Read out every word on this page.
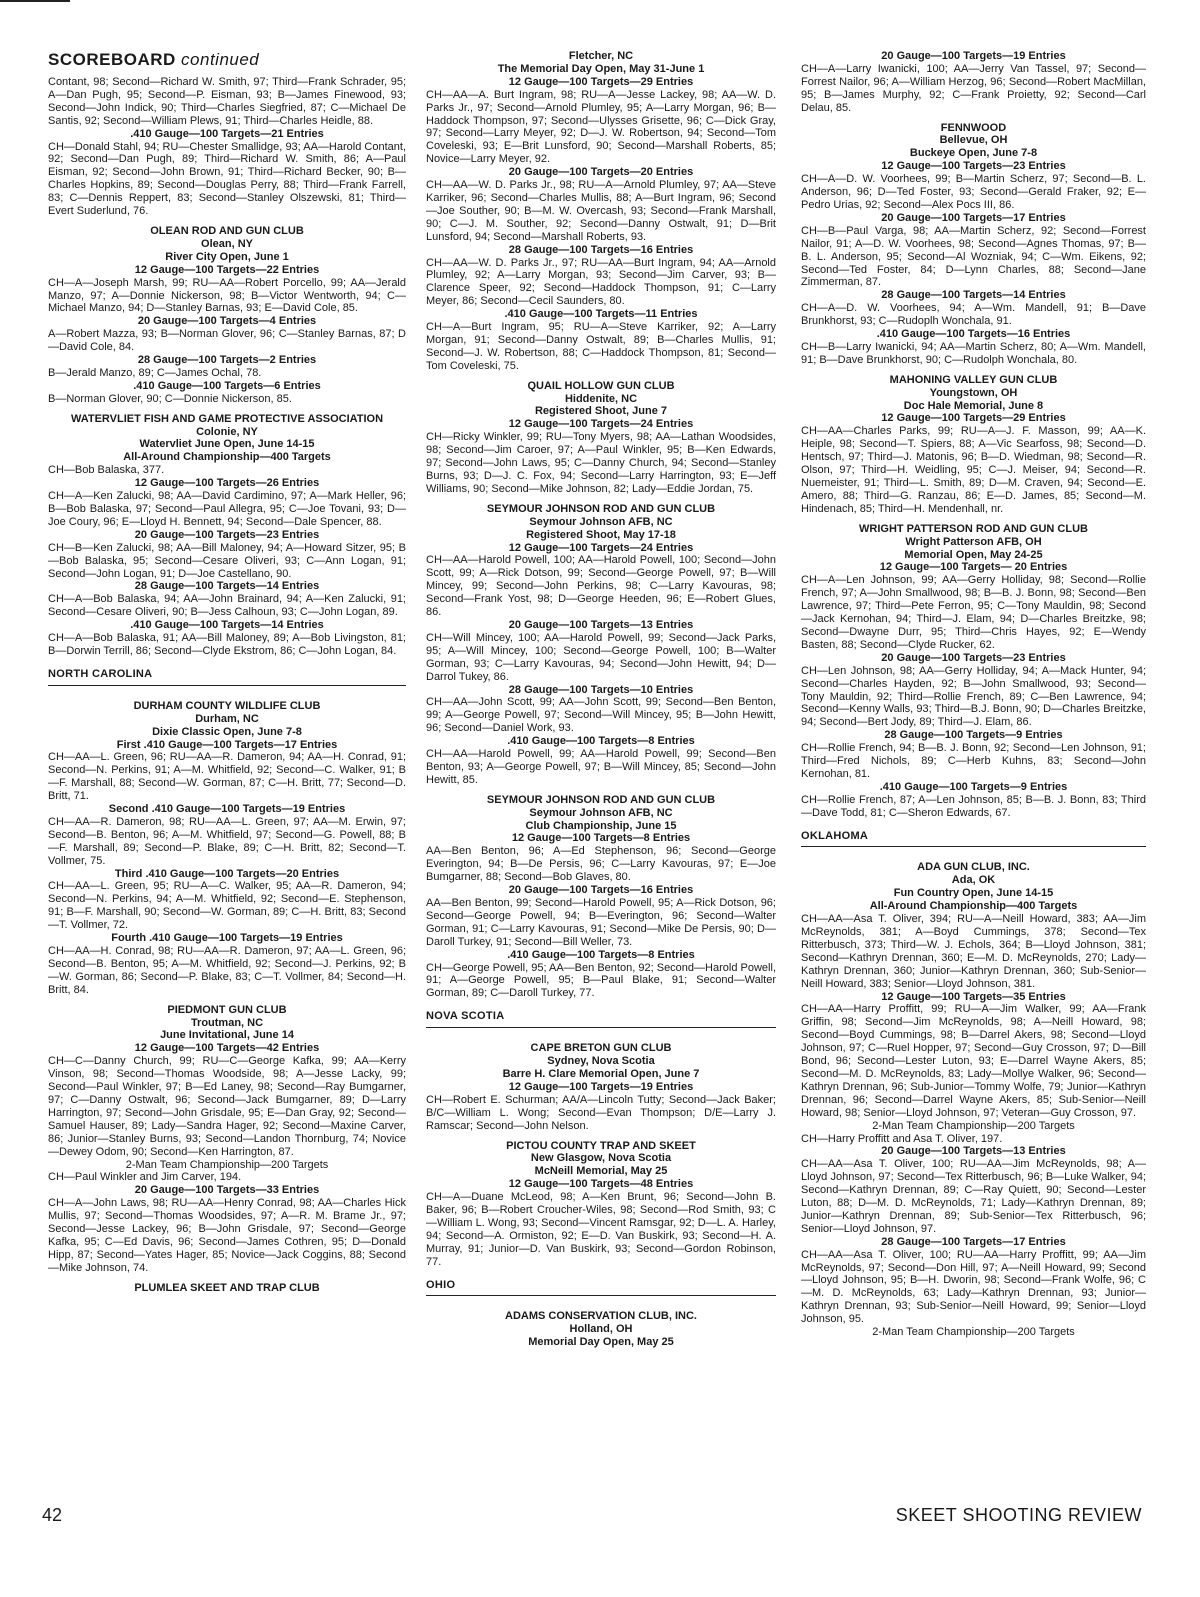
SCOREBOARD continued
Contant, 98; Second—Richard W. Smith, 97; Third—Frank Schrader, 95; A—Dan Pugh, 95; Second—P. Eisman, 93; B—James Finewood, 93; Second—John Indick, 90; Third—Charles Siegfried, 87; C—Michael De Santis, 92; Second—William Plews, 91; Third—Charles Heidle, 88.
.410 Gauge—100 Targets—21 Entries
CH—Donald Stahl, 94; RU—Chester Smallidge, 93; AA—Harold Contant, 92; Second—Dan Pugh, 89; Third—Richard W. Smith, 86; A—Paul Eisman, 92; Second—John Brown, 91; Third—Richard Becker, 90; B—Charles Hopkins, 89; Second—Douglas Perry, 88; Third—Frank Farrell, 83; C—Dennis Reppert, 83; Second—Stanley Olszewski, 81; Third—Evert Suderlund, 76.
OLEAN ROD AND GUN CLUB
Olean, NY
River City Open, June 1
12 Gauge—100 Targets—22 Entries
CH—A—Joseph Marsh, 99; RU—AA—Robert Porcello, 99; AA—Jerald Manzo, 97; A—Donnie Nickerson, 98; B—Victor Wentworth, 94; C—Michael Manzo, 94; D—Stanley Barnas, 93; E—David Cole, 85.
20 Gauge—100 Targets—4 Entries
A—Robert Mazza, 93; B—Norman Glover, 96; C—Stanley Barnas, 87; D—David Cole, 84.
28 Gauge—100 Targets—2 Entries
B—Jerald Manzo, 89; C—James Ochal, 78.
.410 Gauge—100 Targets—6 Entries
B—Norman Glover, 90; C—Donnie Nickerson, 85.
WATERVLIET FISH AND GAME PROTECTIVE ASSOCIATION
Colonie, NY
Watervliet June Open, June 14-15
All-Around Championship—400 Targets
CH—Bob Balaska, 377.
12 Gauge—100 Targets—26 Entries
CH—A—Ken Zalucki, 98; AA—David Cardimino, 97; A—Mark Heller, 96; B—Bob Balaska, 97; Second—Paul Allegra, 95; C—Joe Tovani, 93; D—Joe Coury, 96; E—Lloyd H. Bennett, 94; Second—Dale Spencer, 88.
20 Gauge—100 Targets—23 Entries
CH—B—Ken Zalucki, 98; AA—Bill Maloney, 94; A—Howard Sitzer, 95; B—Bob Balaska, 95; Second—Cesare Oliveri, 93; C—Ann Logan, 91; Second—John Logan, 91; D—Joe Castellano, 90.
28 Gauge—100 Targets—14 Entries
CH—A—Bob Balaska, 94; AA—John Brainard, 94; A—Ken Zalucki, 91; Second—Cesare Oliveri, 90; B—Jess Calhoun, 93; C—John Logan, 89.
.410 Gauge—100 Targets—14 Entries
CH—A—Bob Balaska, 91; AA—Bill Maloney, 89; A—Bob Livingston, 81; B—Dorwin Terrill, 86; Second—Clyde Ekstrom, 86; C—John Logan, 84.
NORTH CAROLINA
DURHAM COUNTY WILDLIFE CLUB
Durham, NC
Dixie Classic Open, June 7-8
First .410 Gauge—100 Targets—17 Entries
CH—AA—L. Green, 96; RU—AA—R. Dameron, 94; AA—H. Conrad, 91; Second—N. Perkins, 91; A—M. Whitfield, 92; Second—C. Walker, 91; B—F. Marshall, 88; Second—W. Gorman, 87; C—H. Britt, 77; Second—D. Britt, 71.
Second .410 Gauge—100 Targets—19 Entries
CH—AA—R. Dameron, 98; RU—AA—L. Green, 97; AA—M. Erwin, 97; Second—B. Benton, 96; A—M. Whitfield, 97; Second—G. Powell, 88; B—F. Marshall, 89; Second—P. Blake, 89; C—H. Britt, 82; Second—T. Vollmer, 75.
Third .410 Gauge—100 Targets—20 Entries
CH—AA—L. Green, 95; RU—A—C. Walker, 95; AA—R. Dameron, 94; Second—N. Perkins, 94; A—M. Whitfield, 92; Second—E. Stephenson, 91; B—F. Marshall, 90; Second—W. Gorman, 89; C—H. Britt, 83; Second—T. Vollmer, 72.
Fourth .410 Gauge—100 Targets—19 Entries
CH—AA—H. Conrad, 98; RU—AA—R. Dameron, 97; AA—L. Green, 96; Second—B. Benton, 95; A—M. Whitfield, 92; Second—J. Perkins, 92; B—W. Gorman, 86; Second—P. Blake, 83; C—T. Vollmer, 84; Second—H. Britt, 84.
PIEDMONT GUN CLUB
Troutman, NC
June Invitational, June 14
12 Gauge—100 Targets—42 Entries
CH—C—Danny Church, 99; RU—C—George Kafka, 99; AA—Kerry Vinson, 98; Second—Thomas Woodside, 98; A—Jesse Lacky, 99; Second—Paul Winkler, 97; B—Ed Laney, 98; Second—Ray Bumgarner, 97; C—Danny Ostwalt, 96; Second—Jack Bumgarner, 89; D—Larry Harrington, 97; Second—John Grisdale, 95; E—Dan Gray, 92; Second—Samuel Hauser, 89; Lady—Sandra Hager, 92; Second—Maxine Carver, 86; Junior—Stanley Burns, 93; Second—Landon Thornburg, 74; Novice—Dewey Odom, 90; Second—Ken Harrington, 87.
2-Man Team Championship—200 Targets
CH—Paul Winkler and Jim Carver, 194.
20 Gauge—100 Targets—33 Entries
CH—A—John Laws, 98; RU—AA—Henry Conrad, 98; AA—Charles Hick Mullis, 97; Second—Thomas Woodsides, 97; A—R. M. Brame Jr., 97; Second—Jesse Lackey, 96; B—John Grisdale, 97; Second—George Kafka, 95; C—Ed Davis, 96; Second—James Cothren, 95; D—Donald Hipp, 87; Second—Yates Hager, 85; Novice—Jack Coggins, 88; Second—Mike Johnson, 74.
PLUMLEA SKEET AND TRAP CLUB
Fletcher, NC
The Memorial Day Open, May 31-June 1
12 Gauge—100 Targets—29 Entries
CH—AA—A. Burt Ingram, 98; RU—A—Jesse Lackey, 98; AA—W. D. Parks Jr., 97; Second—Arnold Plumley, 95; A—Larry Morgan, 96; B—Haddock Thompson, 97; Second—Ulysses Grisette, 96; C—Dick Gray, 97; Second—Larry Meyer, 92; D—J. W. Robertson, 94; Second—Tom Coveleski, 93; E—Brit Lunsford, 90; Second—Marshall Roberts, 85; Novice—Larry Meyer, 92.
20 Gauge—100 Targets—20 Entries
CH—AA—W. D. Parks Jr., 98; RU—A—Arnold Plumley, 97; AA—Steve Karriker, 96; Second—Charles Mullis, 88; A—Burt Ingram, 96; Second—Joe Souther, 90; B—M. W. Overcash, 93; Second—Frank Marshall, 90; C—J. M. Souther, 92; Second—Danny Ostwalt, 91; D—Brit Lunsford, 94; Second—Marshall Roberts, 93.
28 Gauge—100 Targets—16 Entries
CH—AA—W. D. Parks Jr., 97; RU—AA—Burt Ingram, 94; AA—Arnold Plumley, 92; A—Larry Morgan, 93; Second—Jim Carver, 93; B—Clarence Speer, 92; Second—Haddock Thompson, 91; C—Larry Meyer, 86; Second—Cecil Saunders, 80.
.410 Gauge—100 Targets—11 Entries
CH—A—Burt Ingram, 95; RU—A—Steve Karriker, 92; A—Larry Morgan, 91; Second—Danny Ostwalt, 89; B—Charles Mullis, 91; Second—J. W. Robertson, 88; C—Haddock Thompson, 81; Second—Tom Coveleski, 75.
QUAIL HOLLOW GUN CLUB
Hiddenite, NC
Registered Shoot, June 7
12 Gauge—100 Targets—24 Entries
CH—Ricky Winkler, 99; RU—Tony Myers, 98; AA—Lathan Woodsides, 98; Second—Jim Caroer, 97; A—Paul Winkler, 95; B—Ken Edwards, 97; Second—John Laws, 95; C—Danny Church, 94; Second—Stanley Burns, 93; D—J. C. Fox, 94; Second—Larry Harrington, 93; E—Jeff Williams, 90; Second—Mike Johnson, 82; Lady—Eddie Jordan, 75.
SEYMOUR JOHNSON ROD AND GUN CLUB
Seymour Johnson AFB, NC
Registered Shoot, May 17-18
12 Gauge—100 Targets—24 Entries
CH—AA—Harold Powell, 100; AA—Harold Powell, 100; Second—John Scott, 99; A—Rick Dotson, 99; Second—George Powell, 97; B—Will Mincey, 99; Second—John Perkins, 98; C—Larry Kavouras, 98; Second—Frank Yost, 98; D—George Heeden, 96; E—Robert Glues, 86.
20 Gauge—100 Targets—13 Entries
CH—Will Mincey, 100; AA—Harold Powell, 99; Second—Jack Parks, 95; A—Will Mincey, 100; Second—George Powell, 100; B—Walter Gorman, 93; C—Larry Kavouras, 94; Second—John Hewitt, 94; D—Darrol Tukey, 86.
28 Gauge—100 Targets—10 Entries
CH—AA—John Scott, 99; AA—John Scott, 99; Second—Ben Benton, 99; A—George Powell, 97; Second—Will Mincey, 95; B—John Hewitt, 96; Second—Daniel Work, 93.
.410 Gauge—100 Targets—8 Entries
CH—AA—Harold Powell, 99; AA—Harold Powell, 99; Second—Ben Benton, 93; A—George Powell, 97; B—Will Mincey, 85; Second—John Hewitt, 85.
SEYMOUR JOHNSON ROD AND GUN CLUB
Seymour Johnson AFB, NC
Club Championship, June 15
12 Gauge—100 Targets—8 Entries
AA—Ben Benton, 96; A—Ed Stephenson, 96; Second—George Everington, 94; B—De Persis, 96; C—Larry Kavouras, 97; E—Joe Bumgarner, 88; Second—Bob Glaves, 80.
20 Gauge—100 Targets—16 Entries
AA—Ben Benton, 99; Second—Harold Powell, 95; A—Rick Dotson, 96; Second—George Powell, 94; B—Everington, 96; Second—Walter Gorman, 91; C—Larry Kavouras, 91; Second—Mike De Persis, 90; D—Daroll Turkey, 91; Second—Bill Weller, 73.
.410 Gauge—100 Targets—8 Entries
CH—George Powell, 95; AA—Ben Benton, 92; Second—Harold Powell, 91; A—George Powell, 95; B—Paul Blake, 91; Second—Walter Gorman, 89; C—Daroll Turkey, 77.
NOVA SCOTIA
CAPE BRETON GUN CLUB
Sydney, Nova Scotia
Barre H. Clare Memorial Open, June 7
12 Gauge—100 Targets—19 Entries
CH—Robert E. Schurman; AA/A—Lincoln Tutty; Second—Jack Baker; B/C—William L. Wong; Second—Evan Thompson; D/E—Larry J. Ramscar; Second—John Nelson.
PICTOU COUNTY TRAP AND SKEET
New Glasgow, Nova Scotia
McNeill Memorial, May 25
12 Gauge—100 Targets—48 Entries
CH—A—Duane McLeod, 98; A—Ken Brunt, 96; Second—John B. Baker, 96; B—Robert Croucher-Wiles, 98; Second—Rod Smith, 93; C—William L. Wong, 93; Second—Vincent Ramsgar, 92; D—L. A. Harley, 94; Second—A. Ormiston, 92; E—D. Van Buskirk, 93; Second—H. A. Murray, 91; Junior—D. Van Buskirk, 93; Second—Gordon Robinson, 77.
OHIO
ADAMS CONSERVATION CLUB, INC.
Holland, OH
Memorial Day Open, May 25
20 Gauge—100 Targets—19 Entries
CH—A—Larry Iwanicki, 100; AA—Jerry Van Tassel, 97; Second—Forrest Nailor, 96; A—William Herzog, 96; Second—Robert MacMillan, 95; B—James Murphy, 92; C—Frank Proietty, 92; Second—Carl Delau, 85.
FENNWOOD
Bellevue, OH
Buckeye Open, June 7-8
12 Gauge—100 Targets—23 Entries
CH—A—D. W. Voorhees, 99; B—Martin Scherz, 97; Second—B. L. Anderson, 96; D—Ted Foster, 93; Second—Gerald Fraker, 92; E—Pedro Urias, 92; Second—Alex Pocs III, 86.
20 Gauge—100 Targets—17 Entries
CH—B—Paul Varga, 98; AA—Martin Scherz, 92; Second—Forrest Nailor, 91; A—D. W. Voorhees, 98; Second—Agnes Thomas, 97; B—B. L. Anderson, 95; Second—Al Wozniak, 94; C—Wm. Eikens, 92; Second—Ted Foster, 84; D—Lynn Charles, 88; Second—Jane Zimmerman, 87.
28 Gauge—100 Targets—14 Entries
CH—A—D. W. Voorhees, 94; A—Wm. Mandell, 91; B—Dave Brunkhorst, 93; C—Rudoplh Wonchala, 91.
.410 Gauge—100 Targets—16 Entries
CH—B—Larry Iwanicki, 94; AA—Martin Scherz, 80; A—Wm. Mandell, 91; B—Dave Brunkhorst, 90; C—Rudolph Wonchala, 80.
MAHONING VALLEY GUN CLUB
Youngstown, OH
Doc Hale Memorial, June 8
12 Gauge—100 Targets—29 Entries
CH—AA—Charles Parks, 99; RU—A—J. F. Masson, 99; AA—K. Heiple, 98; Second—T. Spiers, 88; A—Vic Searfoss, 98; Second—D. Hentsch, 97; Third—J. Matonis, 96; B—D. Wiedman, 98; Second—R. Olson, 97; Third—H. Weidling, 95; C—J. Meiser, 94; Second—R. Nuemeister, 91; Third—L. Smith, 89; D—M. Craven, 94; Second—E. Amero, 88; Third—G. Ranzau, 86; E—D. James, 85; Second—M. Hindenach, 85; Third—H. Mendenhall, nr.
WRIGHT PATTERSON ROD AND GUN CLUB
Wright Patterson AFB, OH
Memorial Open, May 24-25
12 Gauge—100 Targets— 20 Entries
CH—A—Len Johnson, 99; AA—Gerry Holliday, 98; Second—Rollie French, 97; A—John Smallwood, 98; B—B. J. Bonn, 98; Second—Ben Lawrence, 97; Third—Pete Ferron, 95; C—Tony Mauldin, 98; Second—Jack Kernohan, 94; Third—J. Elam, 94; D—Charles Breitzke, 98; Second—Dwayne Durr, 95; Third—Chris Hayes, 92; E—Wendy Basten, 88; Second—Clyde Rucker, 62.
20 Gauge—100 Targets—23 Entries
CH—Len Johnson, 98; AA—Gerry Holliday, 94; A—Mack Hunter, 94; Second—Charles Hayden, 92; B—John Smallwood, 93; Second—Tony Mauldin, 92; Third—Rollie French, 89; C—Ben Lawrence, 94; Second—Kenny Walls, 93; Third—B.J. Bonn, 90; D—Charles Breitzke, 94; Second—Bert Jody, 89; Third—J. Elam, 86.
28 Gauge—100 Targets—9 Entries
CH—Rollie French, 94; B—B. J. Bonn, 92; Second—Len Johnson, 91; Third—Fred Nichols, 89; C—Herb Kuhns, 83; Second—John Kernohan, 81.
.410 Gauge—100 Targets—9 Entries
CH—Rollie French, 87; A—Len Johnson, 85; B—B. J. Bonn, 83; Third—Dave Todd, 81; C—Sheron Edwards, 67.
OKLAHOMA
ADA GUN CLUB, INC.
Ada, OK
Fun Country Open, June 14-15
All-Around Championship—400 Targets
CH—AA—Asa T. Oliver, 394; RU—A—Neill Howard, 383; AA—Jim McReynolds, 381; A—Boyd Cummings, 378; Second—Tex Ritterbusch, 373; Third—W. J. Echols, 364; B—Lloyd Johnson, 381; Second—Kathryn Drennan, 360; E—M. D. McReynolds, 270; Lady—Kathryn Drennan, 360; Junior—Kathryn Drennan, 360; Sub-Senior—Neill Howard, 383; Senior—Lloyd Johnson, 381.
12 Gauge—100 Targets—35 Entries
CH—AA—Harry Proffitt, 99; RU—A—Jim Walker, 99; AA—Frank Griffin, 98; Second—Jim McReynolds, 98; A—Neill Howard, 98; Second—Boyd Cummings, 98; B—Darrel Akers, 98; Second—Lloyd Johnson, 97; C—Ruel Hopper, 97; Second—Guy Crosson, 97; D—Bill Bond, 96; Second—Lester Luton, 93; E—Darrel Wayne Akers, 85; Second—M. D. McReynolds, 83; Lady—Mollye Walker, 96; Second—Kathryn Drennan, 96; Sub-Junior—Tommy Wolfe, 79; Junior—Kathryn Drennan, 96; Second—Darrel Wayne Akers, 85; Sub-Senior—Neill Howard, 98; Senior—Lloyd Johnson, 97; Veteran—Guy Crosson, 97.
2-Man Team Championship—200 Targets
CH—Harry Proffitt and Asa T. Oliver, 197.
20 Gauge—100 Targets—13 Entries
CH—AA—Asa T. Oliver, 100; RU—AA—Jim McReynolds, 98; A—Lloyd Johnson, 97; Second—Tex Ritterbusch, 96; B—Luke Walker, 94; Second—Kathryn Drennan, 89; C—Ray Quiett, 90; Second—Lester Luton, 88; D—M. D. McReynolds, 71; Lady—Kathryn Drennan, 89; Junior—Kathryn Drennan, 89; Sub-Senior—Tex Ritterbusch, 96; Senior—Lloyd Johnson, 97.
28 Gauge—100 Targets—17 Entries
CH—AA—Asa T. Oliver, 100; RU—AA—Harry Proffitt, 99; AA—Jim McReynolds, 97; Second—Don Hill, 97; A—Neill Howard, 99; Second—Lloyd Johnson, 95; B—H. Dworin, 98; Second—Frank Wolfe, 96; C—M. D. McReynolds, 63; Lady—Kathryn Drennan, 93; Junior—Kathryn Drennan, 93; Sub-Senior—Neill Howard, 99; Senior—Lloyd Johnson, 95.
2-Man Team Championship—200 Targets
42	SKEET SHOOTING REVIEW
